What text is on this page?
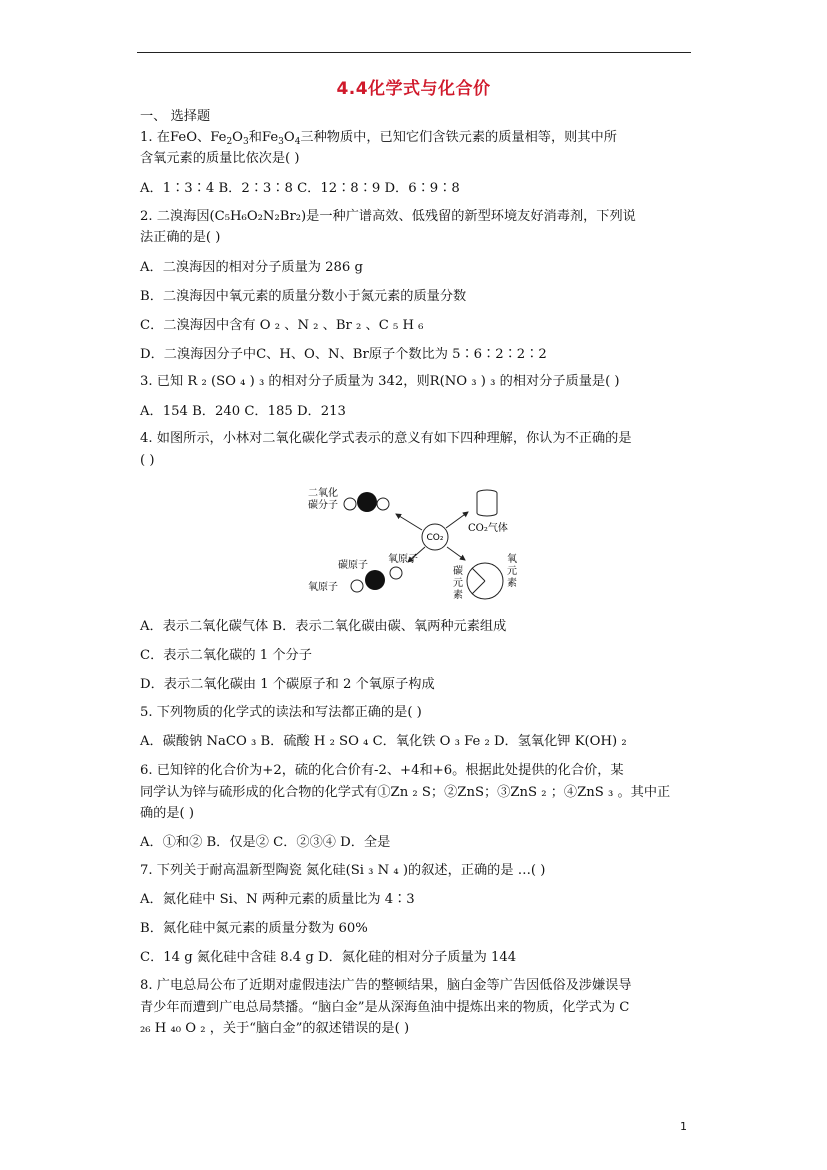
4.4化学式与化合价
一、 选择题
1. 在FeO、$Fe_2O_3$和$Fe_3O_4$三种物质中，已知它们含铁元素的质量相等，则其中所
含氧元素的质量比依次是( )
A．1∶3∶4 B．2∶3∶8 C．12∶8∶9 D．6∶9∶8
2. 二溴海因(C₅H₆O₂N₂Br₂)是一种广谱高效、低残留的新型环境友好消毒剂，下列说
法正确的是( )
A．二溴海因的相对分子质量为 286 g
B．二溴海因中氧元素的质量分数小于氮元素的质量分数
C．二溴海因中含有 O ₂ 、N ₂ 、Br ₂ 、C ₅ H ₆
D．二溴海因分子中C、H、O、N、Br原子个数比为 5∶6∶2∶2∶2
3. 已知 R ₂ (SO ₄ ) ₃ 的相对分子质量为 342，则R(NO ₃ ) ₃ 的相对分子质量是( )
A．154 B．240 C．185 D．213
4. 如图所示，小林对二氧化碳化学式表示的意义有如下四种理解，你认为不正确的是
( )
CO₂
二氧化
碳分子
CO₂气体
氧原子
碳原子
氧原子
碳
元
素
氧
元
素
A．表示二氧化碳气体 B．表示二氧化碳由碳、氧两种元素组成
C．表示二氧化碳的 1 个分子
D．表示二氧化碳由 1 个碳原子和 2 个氧原子构成
5. 下列物质的化学式的读法和写法都正确的是( )
A．碳酸钠 NaCO ₃ B．硫酸 H ₂ SO ₄ C．氧化铁 O ₃ Fe ₂ D．氢氧化钾 K(OH) ₂
6. 已知锌的化合价为+2，硫的化合价有-2、+4和+6。根据此处提供的化合价，某
同学认为锌与硫形成的化合物的化学式有①Zn ₂ S；②ZnS；③ZnS ₂ ；④ZnS ₃ 。其中正
确的是( )
A．①和② B．仅是② C．②③④ D．全是
7. 下列关于耐高温新型陶瓷 氮化硅(Si ₃ N ₄ )的叙述，正确的是 …( )
A．氮化硅中 Si、N 两种元素的质量比为 4∶3
B．氮化硅中氮元素的质量分数为 60%
C．14 g 氮化硅中含硅 8.4 g D．氮化硅的相对分子质量为 144
8. 广电总局公布了近期对虚假违法广告的整顿结果，脑白金等广告因低俗及涉嫌误导
青少年而遭到广电总局禁播。“脑白金”是从深海鱼油中提炼出来的物质，化学式为 C
₂₆ H ₄₀ O ₂ ，关于“脑白金”的叙述错误的是( )
1
